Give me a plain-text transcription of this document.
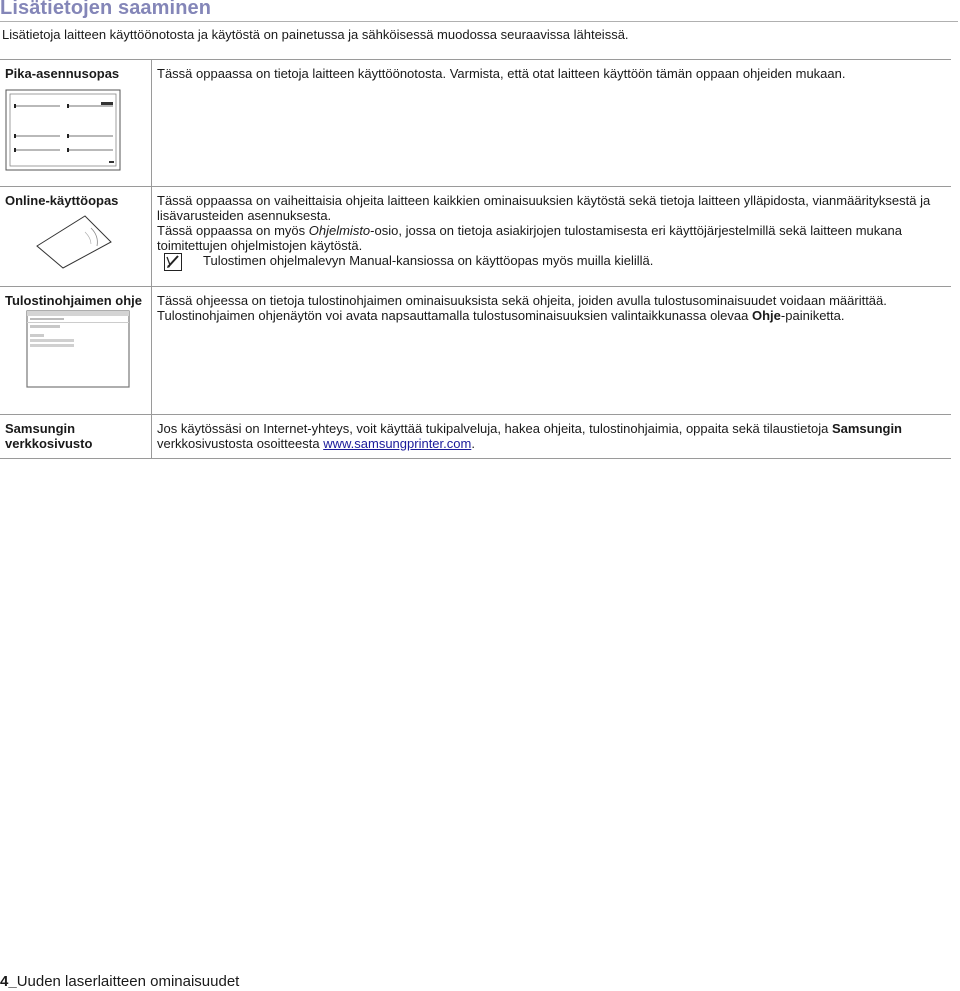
Lisätietojen saaminen
Lisätietoja laitteen käyttöönotosta ja käytöstä on painetussa ja sähköisessä muodossa seuraavissa lähteissä.
Pika-asennusopas	Tässä oppaassa on tietoja laitteen käyttöönotosta. Varmista, että otat laitteen käyttöön tämän oppaan ohjeiden mukaan.
Online-käyttöopas	Tässä oppaassa on vaiheittaisia ohjeita laitteen kaikkien ominaisuuksien käytöstä sekä tietoja laitteen ylläpidosta, vianmäärityksestä ja lisävarusteiden asennuksesta.
Tässä oppaassa on myös Ohjelmisto-osio, jossa on tietoja asiakirjojen tulostamisesta eri käyttöjärjestelmillä sekä laitteen mukana toimitettujen ohjelmistojen käytöstä.
Tulostimen ohjelmalevyn Manual-kansiossa on käyttöopas myös muilla kielillä.

Tulostinohjaimen ohje	Tässä ohjeessa on tietoja tulostinohjaimen ominaisuuksista sekä ohjeita, joiden avulla tulostusominaisuudet voidaan määrittää.
Tulostinohjaimen ohjenäytön voi avata napsauttamalla tulostusominaisuuksien valintaikkunassa olevaa Ohje-painiketta.

Samsungin
verkkosivusto	Jos käytössäsi on Internet-yhteys, voit käyttää tukipalveluja, hakea ohjeita, tulostinohjaimia, oppaita sekä tilaustietoja Samsungin verkkosivustosta osoitteesta www.samsungprinter.com.
4_Uuden laserlaitteen ominaisuudet
